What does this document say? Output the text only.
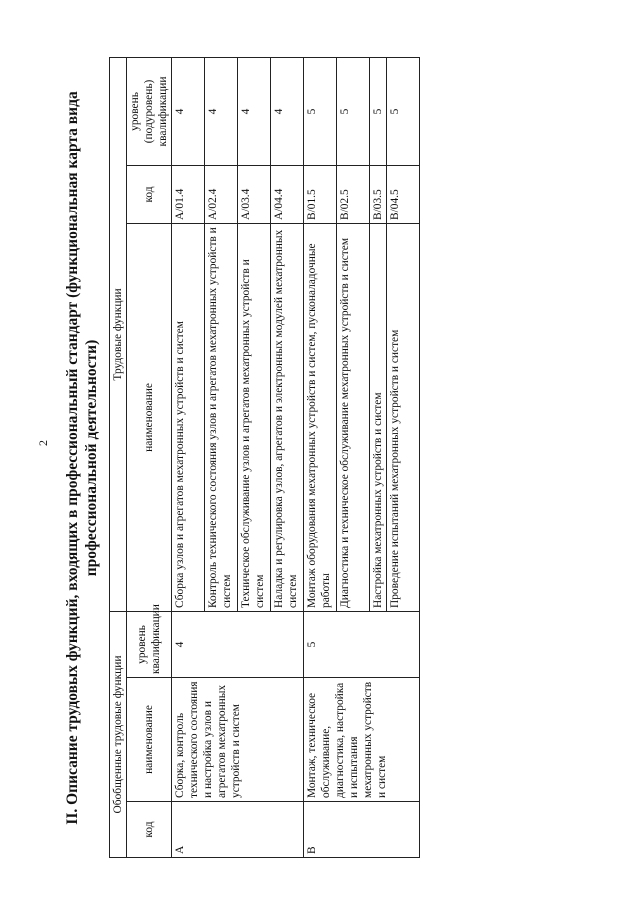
2 II. Описание трудовых функций, входящих в профессиональный стандарт (функциональная карта вида профессиональной деятельности)
Обобщенные трудовые функции			Трудовые функции		
код	наименование	уровень квалификации	наименование	код	уровень (подуровень) квалификации
А	Сборка, контроль технического состояния и настройка узлов и агрегатов мехатронных устройств и систем	4	Сборка узлов и агрегатов мехатронных устройств и систем	A/01.4	4
			Контроль технического состояния узлов и агрегатов мехатронных устройств и систем	A/02.4	4
			Техническое обслуживание узлов и агрегатов мехатронных устройств и систем	A/03.4	4
			Наладка и регулировка узлов, агрегатов и электронных модулей мехатронных систем	A/04.4	4
В	Монтаж, техническое обслуживание, диагностика, настройка и испытания мехатронных устройств и систем	5	Монтаж оборудования мехатронных устройств и систем, пусконаладочные работы	B/01.5	5
			Диагностика и техническое обслуживание мехатронных устройств и систем	B/02.5	5
			Настройка мехатронных устройств и систем	B/03.5	5
			Проведение испытаний мехатронных устройств и систем	B/04.5	5
